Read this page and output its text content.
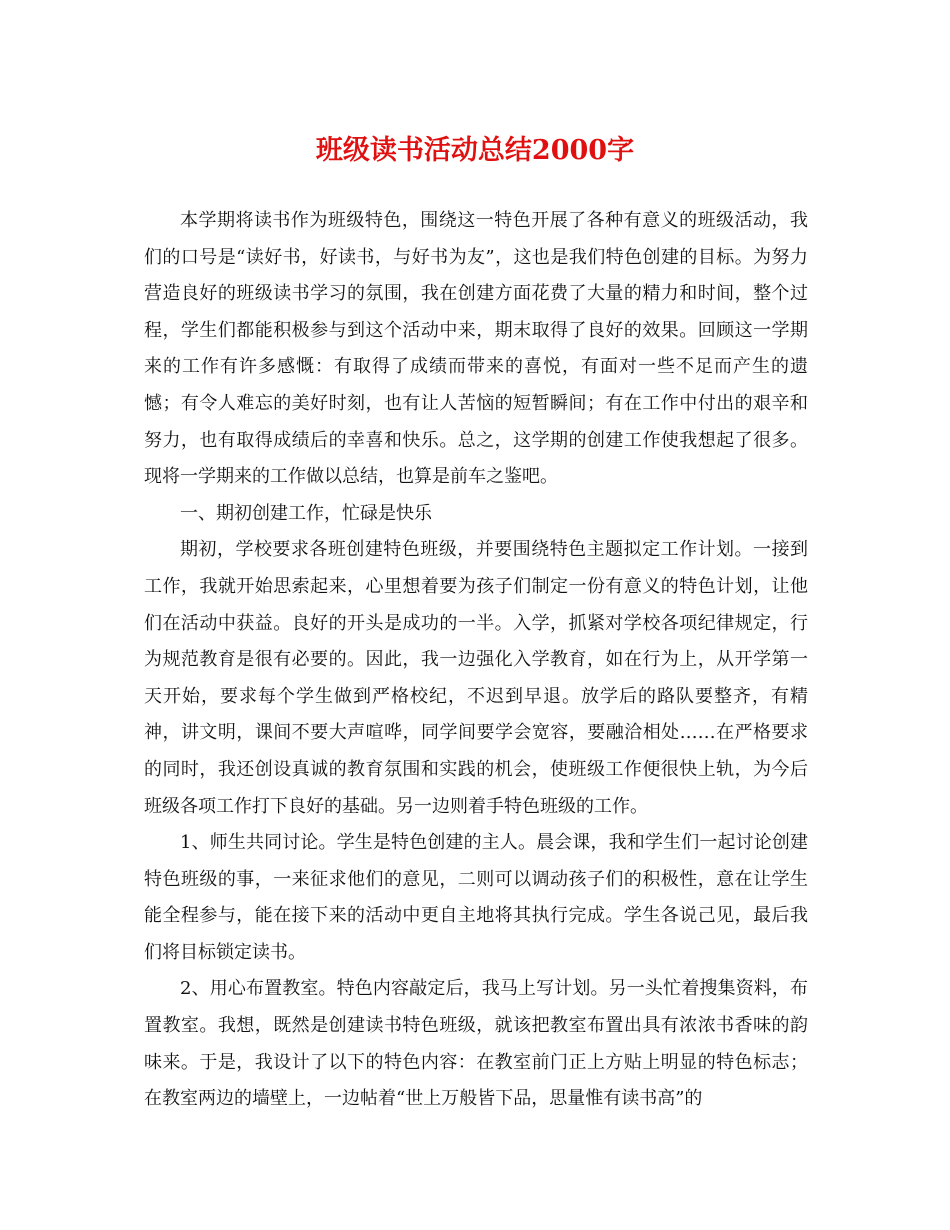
班级读书活动总结2000字

本学期将读书作为班级特色，围绕这一特色开展了各种有意义的班级活动，我们的口号是“读好书，好读书，与好书为友”，这也是我们特色创建的目标。为努力营造良好的班级读书学习的氛围，我在创建方面花费了大量的精力和时间，整个过程，学生们都能积极参与到这个活动中来，期末取得了良好的效果。回顾这一学期来的工作有许多感慨：有取得了成绩而带来的喜悦，有面对一些不足而产生的遗憾；有令人难忘的美好时刻，也有让人苦恼的短暂瞬间；有在工作中付出的艰辛和努力，也有取得成绩后的幸喜和快乐。总之，这学期的创建工作使我想起了很多。现将一学期来的工作做以总结，也算是前车之鉴吧。

一、期初创建工作，忙碌是快乐

期初，学校要求各班创建特色班级，并要围绕特色主题拟定工作计划。一接到工作，我就开始思索起来，心里想着要为孩子们制定一份有意义的特色计划，让他们在活动中获益。良好的开头是成功的一半。入学，抓紧对学校各项纪律规定，行为规范教育是很有必要的。因此，我一边强化入学教育，如在行为上，从开学第一天开始，要求每个学生做到严格校纪，不迟到早退。放学后的路队要整齐，有精神，讲文明，课间不要大声喧哗，同学间要学会宽容，要融洽相处……在严格要求的同时，我还创设真诚的教育氛围和实践的机会，使班级工作便很快上轨，为今后班级各项工作打下良好的基础。另一边则着手特色班级的工作。

1、师生共同讨论。学生是特色创建的主人。晨会课，我和学生们一起讨论创建特色班级的事，一来征求他们的意见，二则可以调动孩子们的积极性，意在让学生能全程参与，能在接下来的活动中更自主地将其执行完成。学生各说己见，最后我们将目标锁定读书。

2、用心布置教室。特色内容敲定后，我马上写计划。另一头忙着搜集资料，布置教室。我想，既然是创建读书特色班级，就该把教室布置出具有浓浓书香味的韵味来。于是，我设计了以下的特色内容：在教室前门正上方贴上明显的特色标志；在教室两边的墙壁上，一边帖着“世上万般皆下品，思量惟有读书高”的
